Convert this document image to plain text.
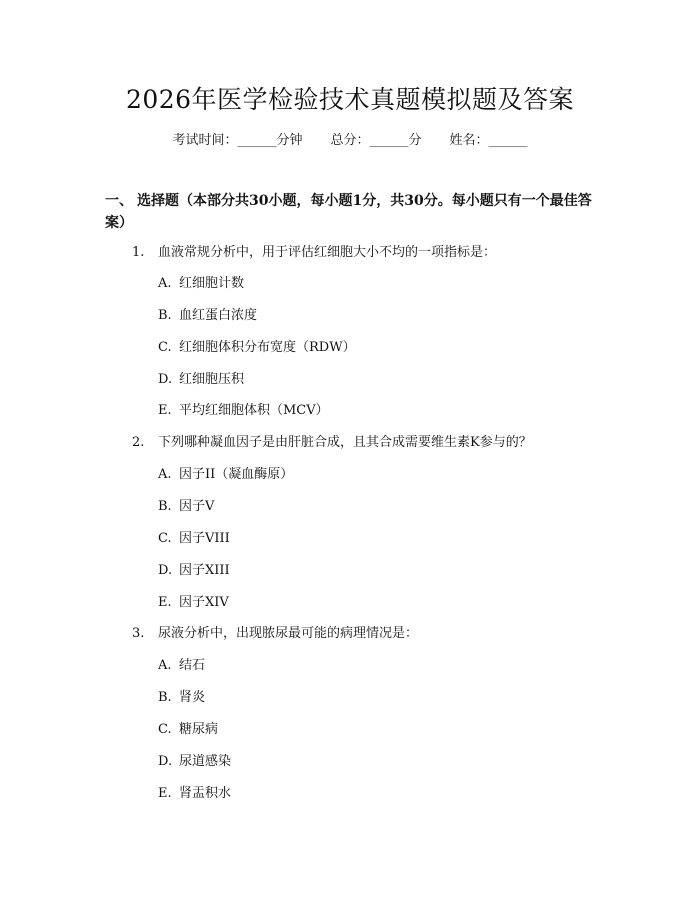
2026年医学检验技术真题模拟题及答案
考试时间：______分钟 总分：______分 姓名：______
一、 选择题（本部分共30小题，每小题1分，共30分。每小题只有一个最佳答案）
1. 血液常规分析中，用于评估红细胞大小不均的一项指标是：
A. 红细胞计数
B. 血红蛋白浓度
C. 红细胞体积分布宽度（RDW）
D. 红细胞压积
E. 平均红细胞体积（MCV）
2. 下列哪种凝血因子是由肝脏合成，且其合成需要维生素K参与的？
A. 因子II（凝血酶原）
B. 因子V
C. 因子VIII
D. 因子XIII
E. 因子XIV
3. 尿液分析中，出现脓尿最可能的病理情况是：
A. 结石
B. 肾炎
C. 糖尿病
D. 尿道感染
E. 肾盂积水
